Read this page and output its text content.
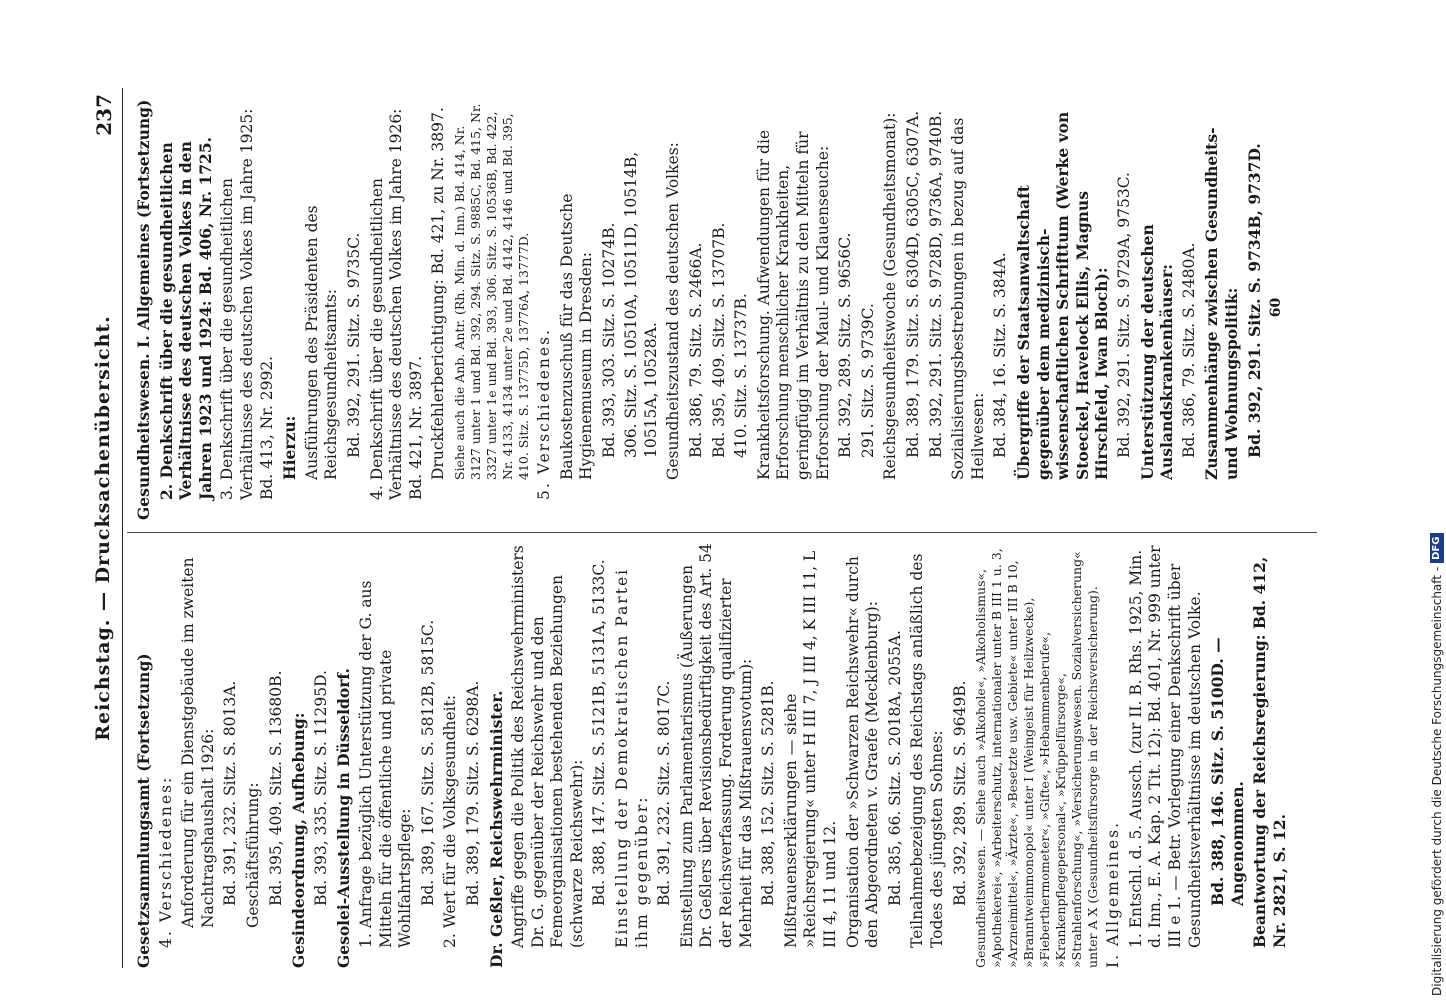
Reichstag. — Drucksachenübersicht.
237

Gesetzsammlungsamt (Fortsetzung) 4. Verschiedenes: Anforderung für ein Dienstgebäude im zweiten Nachtragshaushalt 1926: Bd. 391, 232. Sitz. S. 8013A. Geschäftsführung: Bd. 395, 409. Sitz. S. 13680B. Gesindeordnung, Aufhebung: Bd. 393, 335. Sitz. S. 11295D. Gesolei-Ausstellung in Düsseldorf. 1. Anfrage bezüglich Unterstützung der G. aus Mitteln für die öffentliche und private Wohlfahrtspflege: Bd. 389, 167. Sitz. S. 5812B, 5815C. 2. Wert für die Volksgesundheit: Bd. 389, 179. Sitz. S. 6298A. Dr. Geßler, Reichswehrminister. Angriffe gegen die Politik des Reichswehrministers Dr. G. gegenüber der Reichswehr und den Femeorganisationen bestehenden Beziehungen (schwarze Reichswehr): Bd. 388, 147. Sitz. S. 5121B, 5131A, 5133C. Einstellung der Demokratischen Partei ihm gegenüber: Bd. 391, 232. Sitz. S. 8017C. Einstellung zum Parlamentarismus (Äußerungen Dr. Geßlers über Revisionsbedürftigkeit des Art. 54 der Reichsverfassung. Forderung qualifizierter Mehrheit für das Mißtrauensvotum): Bd. 388, 152. Sitz. S. 5281B. Mißtrauenserklärungen — siehe »Reichsregierung« unter H III 7, J III 4, K III 11, L III 4, 11 und 12. Organisation der »Schwarzen Reichswehr« durch den Abgeordneten v. Graefe (Mecklenburg): Bd. 385, 66. Sitz. S. 2018A, 2055A. Teilnahmebezeigung des Reichstags anläßlich des Todes des jüngsten Sohnes: Bd. 392, 289. Sitz. S. 9649B. Gesundheitswesen. — Siehe auch »Alkohole«, »Alkoholismus«, »Apothekerei«, »Arbeiterschutz, internationaler unter B III 1 u. 3, »Arzneimittel«, »Ärzte«, »Besetzte usw. Gebiete« unter III B 10, »Branntweinmonopol« unter I (Weingeist für Heilzwecke), »Fieberthermometer«, »Gifte«, »Hebammenberufe«, »Krankenpflegepersonal«, »Krüppelfürsorge«, »Strahlenforschung«, »Versicherungswesen. Sozialversicherung« unter A X (Gesundheitsfürsorge in der Reichsversicherung). I. Allgemeines. 1. Entschl. d. 5. Aussch. (zur II. B. Rhs. 1925, Min. d. Inn., E. A. Kap. 2 Tit. 12): Bd. 401, Nr. 999 unter III e 1. — Betr. Vorlegung einer Denkschrift über Gesundheitsverhältnisse im deutschen Volke. Bd. 388, 146. Sitz. S. 5100D. — Angenommen. Beantwortung der Reichsregierung: Bd. 412, Nr. 2821, S. 12.

Gesundheitswesen. I. Allgemeines (Fortsetzung) 2. Denkschrift über die gesundheitlichen Verhältnisse des deutschen Volkes in den Jahren 1923 und 1924: Bd. 406, Nr. 1725. 3. Denkschrift über die gesundheitlichen Verhältnisse des deutschen Volkes im Jahre 1925: Bd. 413, Nr. 2992. Hierzu: Ausführungen des Präsidenten des Reichsgesundheitsamts: Bd. 392, 291. Sitz. S. 9735C. 4. Denkschrift über die gesundheitlichen Verhältnisse des deutschen Volkes im Jahre 1926: Bd. 421, Nr. 3897. Druckfehlerberichtigung: Bd. 421, zu Nr. 3897. Siehe auch die Anb. Antr. (Rh. Min. d. Inn.) Bd. 414, Nr. 3127 unter 1 und Bd. 392, 294. Sitz. S. 9885C, Bd. 415, Nr. 3327 unter 1e und Bd. 393, 306. Sitz. S. 10536B, Bd. 422, Nr. 4133, 4134 unter 2e und Bd. 4142, 4146 und Bd. 395, 410. Sitz. S. 13775D, 13776A, 13777D. 5. Verschiedenes. Baukostenzuschuß für das Deutsche Hygienemuseum in Dresden: Bd. 393, 303. Sitz. S. 10274B. 306. Sitz. S. 10510A, 10511D, 10514B, 10515A, 10528A. Gesundheitszustand des deutschen Volkes: Bd. 386, 79. Sitz. S. 2466A. Bd. 395, 409. Sitz. S. 13707B. 410. Sitz. S. 13737B. Krankheitsforschung. Aufwendungen für die Erforschung menschlicher Krankheiten, geringfügig im Verhältnis zu den Mitteln für Erforschung der Maul- und Klauenseuche: Bd. 392, 289. Sitz. S. 9656C. 291. Sitz. S. 9739C. Reichsgesundheitswoche (Gesundheitsmonat): Bd. 389, 179. Sitz. S. 6304D, 6305C, 6307A. Bd. 392, 291. Sitz. S. 9728D, 9736A, 9740B. Sozialisierungsbestrebungen in bezug auf das Heilwesen: Bd. 384, 16. Sitz. S. 384A. Übergriffe der Staatsanwaltschaft gegenüber dem medizinisch-wissenschaftlichen Schrifttum (Werke von Stoeckel, Havelock Ellis, Magnus Hirschfeld, Iwan Bloch): Bd. 392, 291. Sitz. S. 9729A, 9753C. Unterstützung der deutschen Auslandskrankenhäuser: Bd. 386, 79. Sitz. S. 2480A. Zusammenhänge zwischen Gesundheits- und Wohnungspolitik: Bd. 392, 291. Sitz. S. 9734B, 9737D. 60

Digitalisierung gefördert durch die Deutsche Forschungsgemeinschaft -
DFG
